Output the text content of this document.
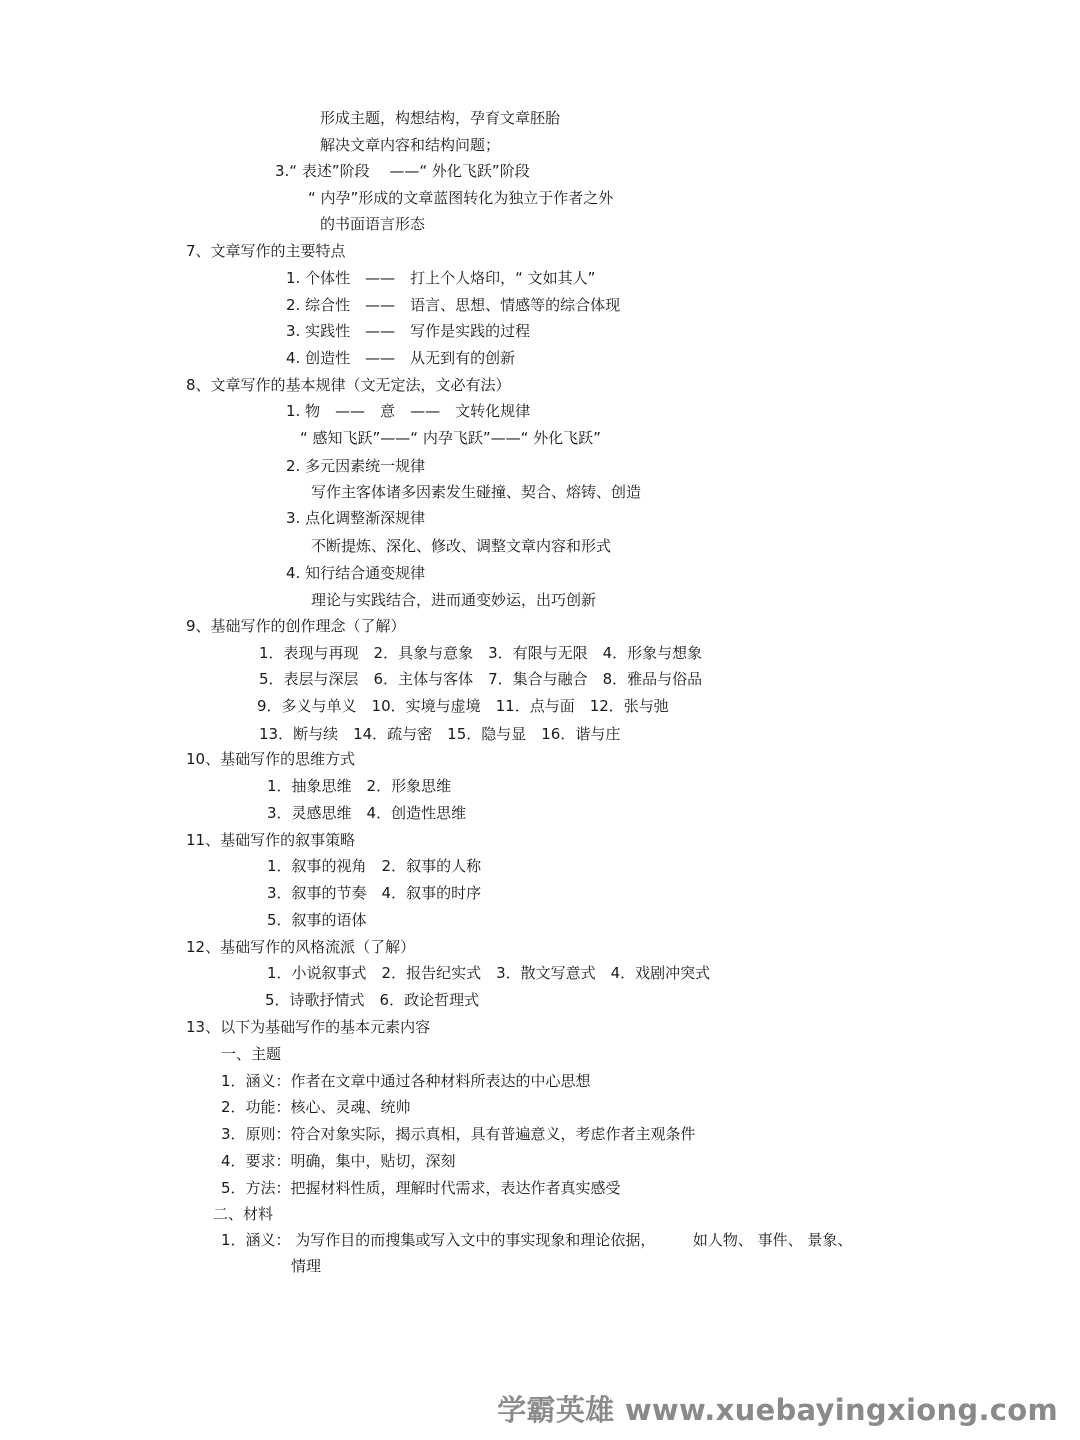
形成主题，构想结构，孕育文章胚胎
解决文章内容和结构问题；
3.“ 表述”阶段　 ——“ 外化飞跃”阶段
“ 内孕”形成的文章蓝图转化为独立于作者之外
的书面语言形态
7、文章写作的主要特点
1. 个体性　——　打上个人烙印，“ 文如其人”
2. 综合性　——　语言、思想、情感等的综合体现
3. 实践性　——　写作是实践的过程
4. 创造性　——　从无到有的创新
8、文章写作的基本规律（文无定法，文必有法）
1. 物　——　意　——　文转化规律
“ 感知飞跃”——“ 内孕飞跃”——“ 外化飞跃”
2. 多元因素统一规律
写作主客体诸多因素发生碰撞、契合、熔铸、创造
3. 点化调整渐深规律
不断提炼、深化、修改、调整文章内容和形式
4. 知行结合通变规律
理论与实践结合，进而通变妙运，出巧创新
9、基础写作的创作理念（了解）
1．表现与再现　2．具象与意象　3．有限与无限　4．形象与想象
5．表层与深层　6．主体与客体　7．集合与融合　8．雅品与俗品
9．多义与单义　10．实境与虚境　11．点与面　12．张与弛
13．断与续　14．疏与密　15．隐与显　16．谐与庄
10、基础写作的思维方式
1．抽象思维　2．形象思维
3．灵感思维　4．创造性思维
11、基础写作的叙事策略
1．叙事的视角　2．叙事的人称
3．叙事的节奏　4．叙事的时序
5．叙事的语体
12、基础写作的风格流派（了解）
1．小说叙事式　2．报告纪实式　3．散文写意式　4．戏剧冲突式
5．诗歌抒情式　6．政论哲理式
13、以下为基础写作的基本元素内容
一、主题
1．涵义：作者在文章中通过各种材料所表达的中心思想
2．功能：核心、灵魂、统帅
3．原则：符合对象实际，揭示真相，具有普遍意义，考虑作者主观条件
4．要求：明确，集中，贴切，深刻
5．方法：把握材料性质，理解时代需求，表达作者真实感受
二、材料
1．涵义： 为写作目的而搜集或写入文中的事实现象和理论依据，　　　如人物、 事件、 景象、
情理
学霸英雄 www.xuebayingxiong.com
